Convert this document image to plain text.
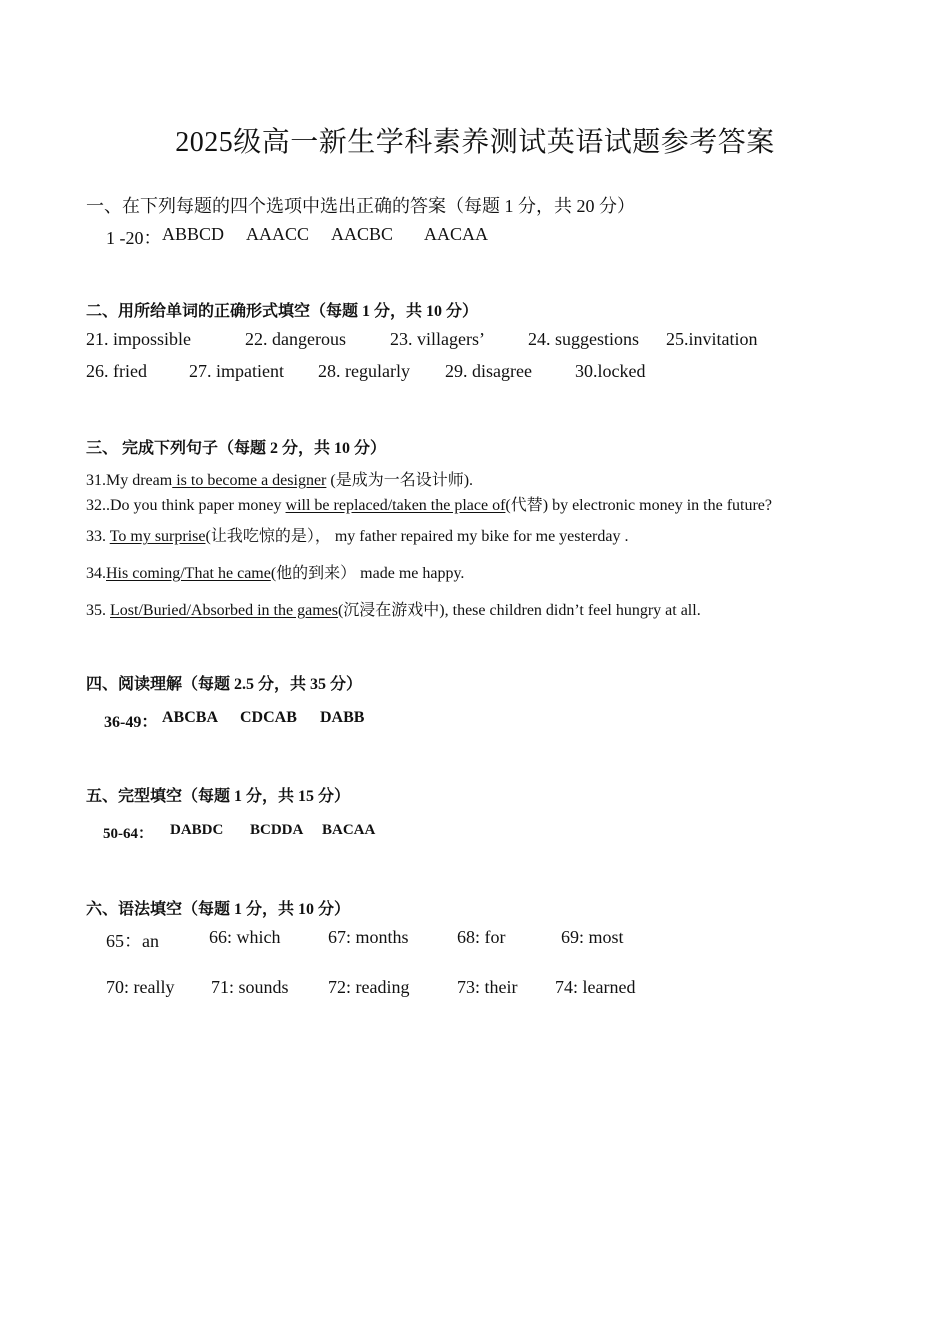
2025级高一新生学科素养测试英语试题参考答案
一、在下列每题的四个选项中选出正确的答案（每题 1 分，共 20 分）
1 -20： ABBCD AAACC AACBC AACAA
二、用所给单词的正确形式填空（每题 1 分，共 10 分）
21. impossible	22. dangerous 23. villagers’ 24. suggestions 25.invitation
26. fried 27. impatient 28. regularly 29. disagree 30.locked
三、 完成下列句子（每题 2 分，共 10 分）
31.My dream is to become a designer (是成为一名设计师).
32..Do you think paper money will be replaced/taken the place of(代替) by electronic money in the future?
33. To my surprise(让我吃惊的是）， my father repaired my bike for me yesterday .
34.His coming/That he came(他的到来） made me happy.
35. Lost/Buried/Absorbed in the games(沉浸在游戏中), these children didn’t feel hungry at all.
四、阅读理解（每题 2.5 分，共 35 分）
36-49： ABCBA CDCAB DABB
五、完型填空（每题 1 分，共 15 分）
50-64： DABDC BCDDA BACAA
六、语法填空（每题 1 分，共 10 分）
65：an	66: which	67: months	68: for	69: most
70: really 71: sounds 72: reading	73: their 74: learned
